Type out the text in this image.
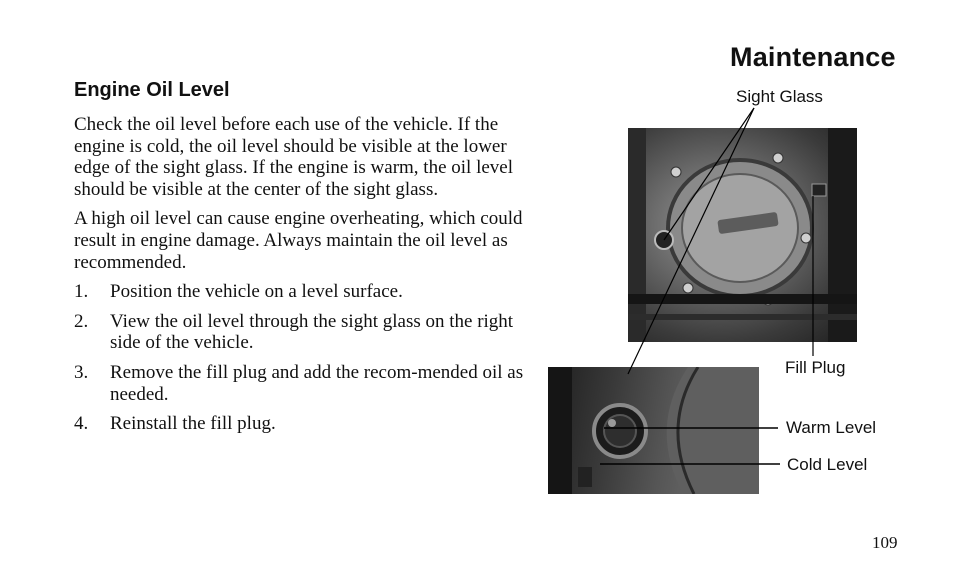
Maintenance
Engine Oil Level

Check the oil level before each use of the vehicle. If the engine is cold, the oil level should be visible at the lower edge of the sight glass. If the engine is warm, the oil level should be visible at the center of the sight glass.

A high oil level can cause engine overheating, which could result in engine damage. Always maintain the oil level as recommended.

1.	Position the vehicle on a level surface.
2.	View the oil level through the sight glass on the right side of the vehicle.
3.	Remove the fill plug and add the recom-mended oil as needed.
4.	Reinstall the fill plug.
Sight Glass
Fill Plug
Warm Level
Cold Level
109
